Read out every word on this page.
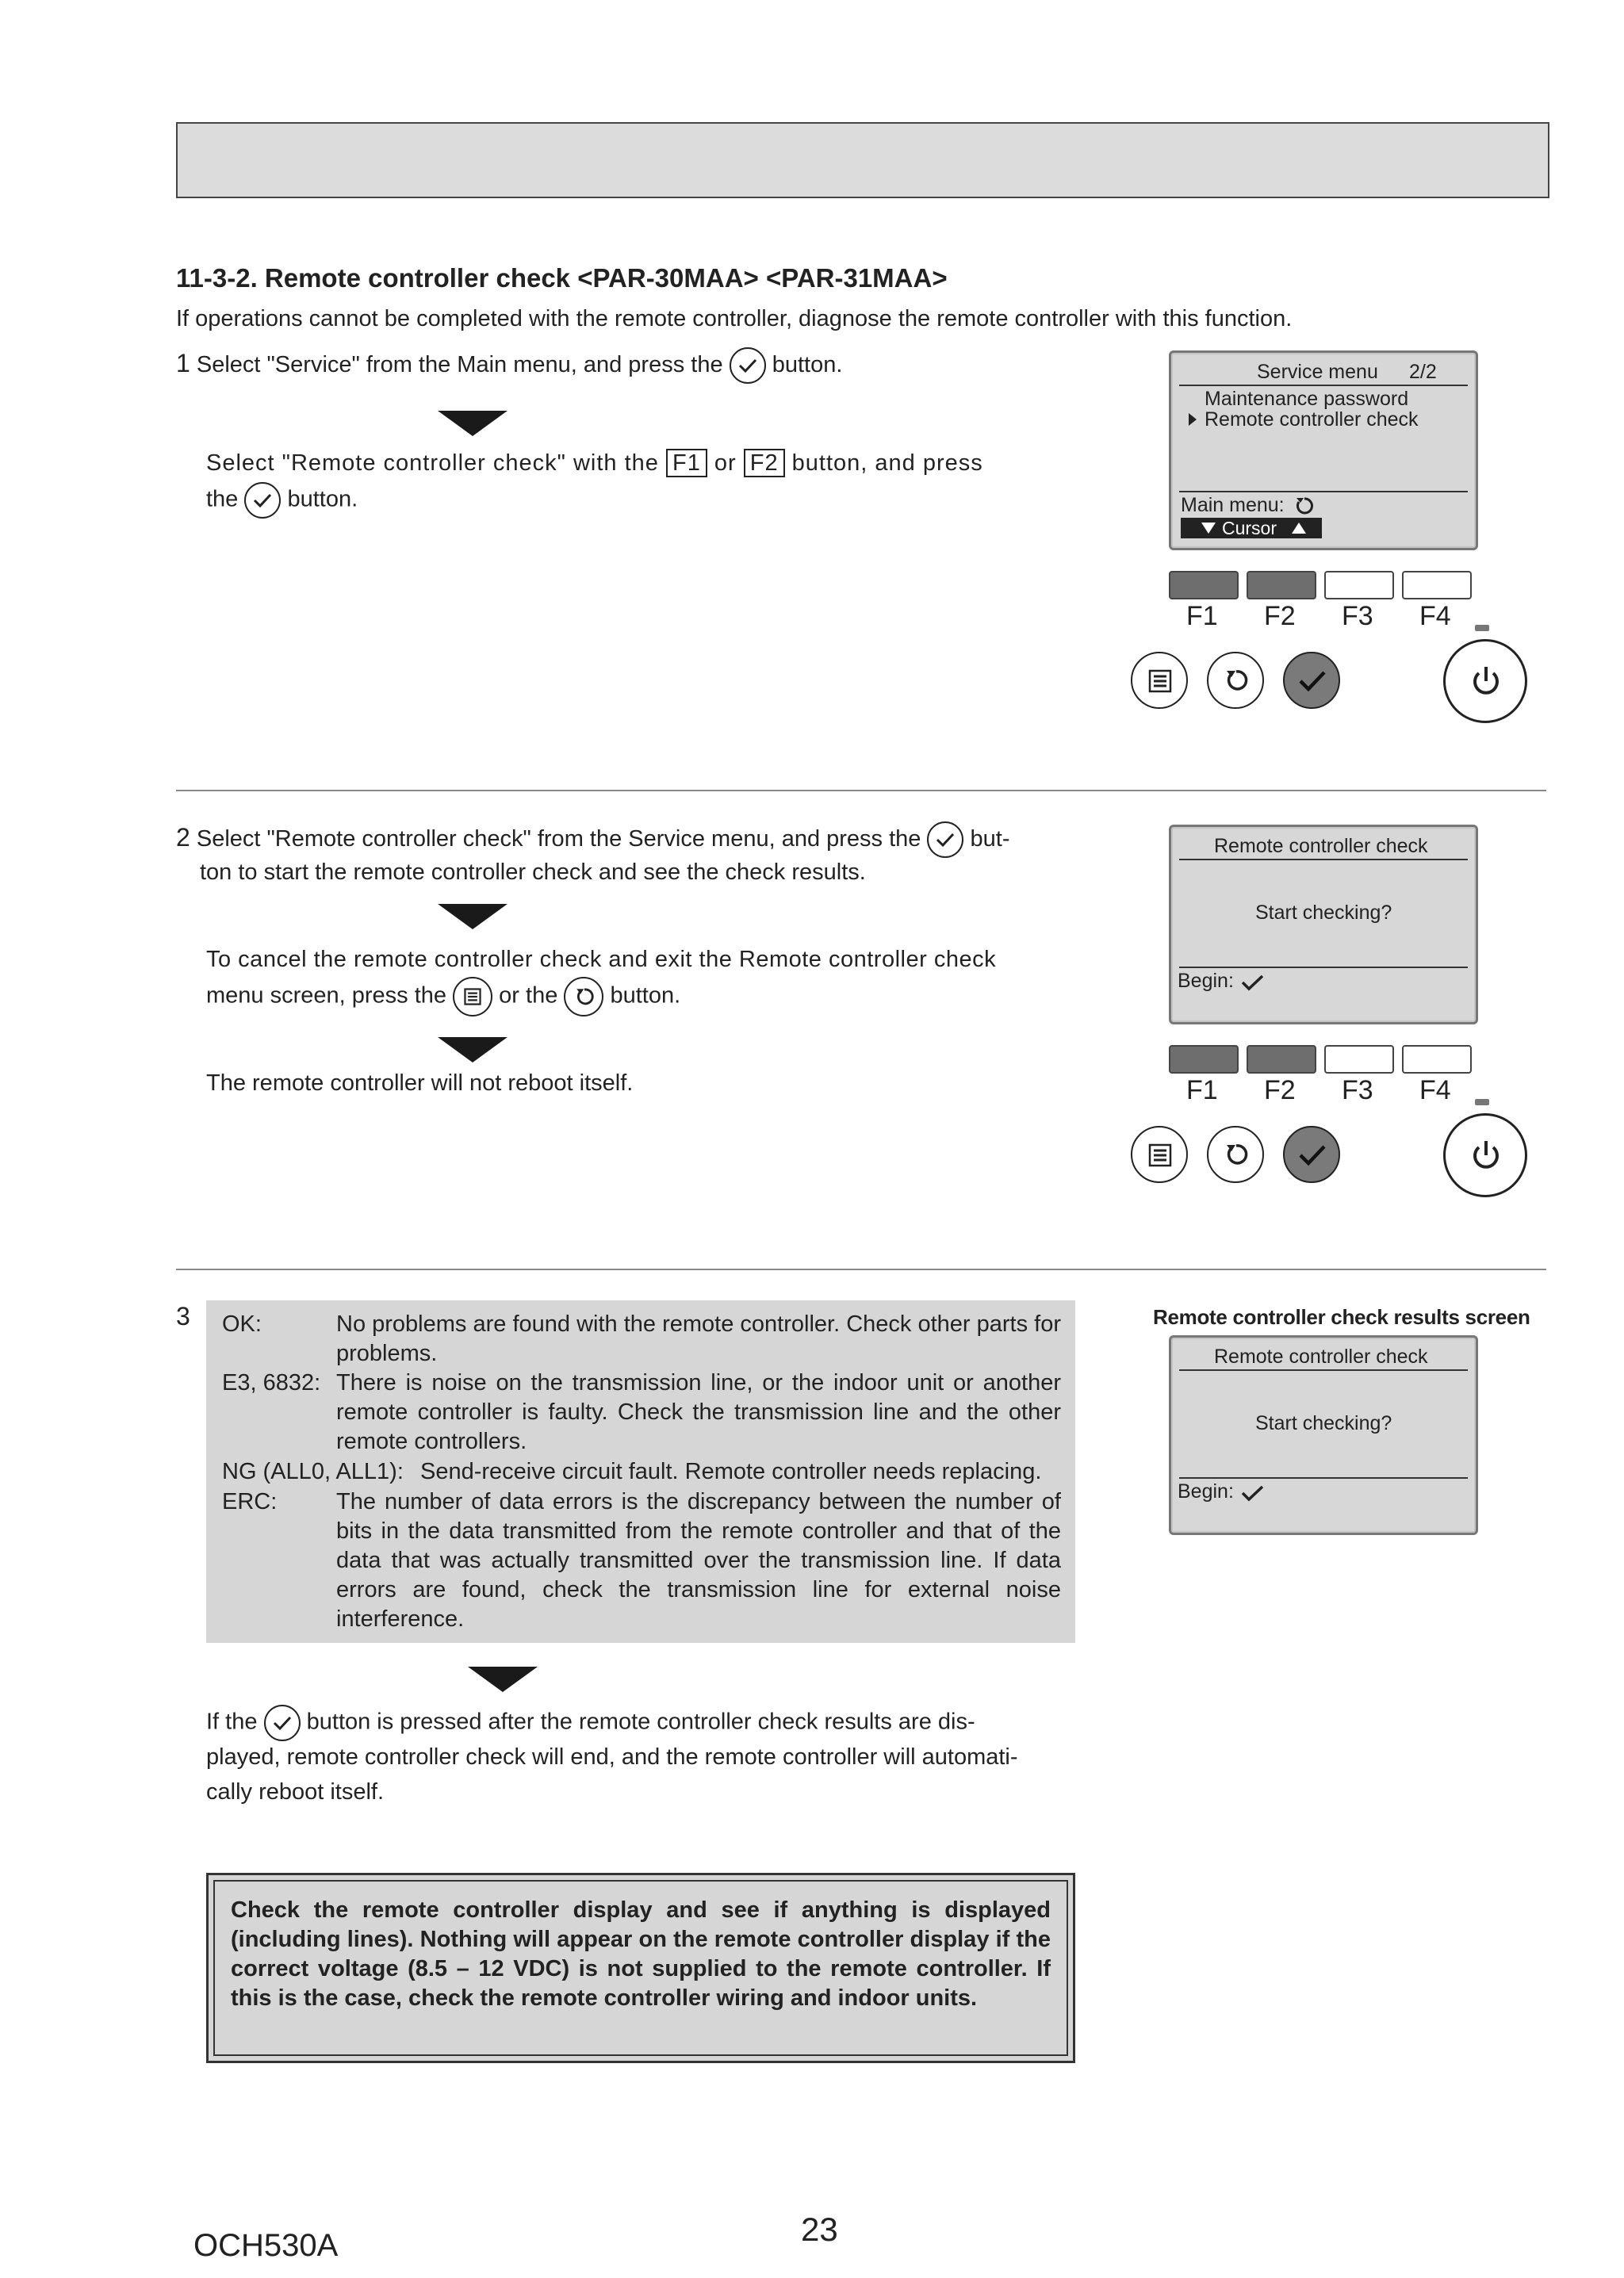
11-3-2. Remote controller check <PAR-30MAA> <PAR-31MAA>
If operations cannot be completed with the remote controller, diagnose the remote controller with this function.
1 Select "Service" from the Main menu, and press the button.
Select "Remote controller check" with the F1 or F2 button, and press
the button.
Service menu 2/2
Maintenance password
Remote controller check
Main menu:
Cursor
F1 F2 F3 F4
2 Select "Remote controller check" from the Service menu, and press the but-
ton to start the remote controller check and see the check results.
To cancel the remote controller check and exit the Remote controller check
menu screen, press the or the button.
The remote controller will not reboot itself.
Remote controller check
Start checking?
Begin:
F1 F2 F3 F4
3 OK:	No problems are found with the remote controller. Check other parts for problems.
E3, 6832: There is noise on the transmission line, or the indoor unit or another remote controller is faulty. Check the transmission line and the other remote controllers.
NG (ALL0, ALL1): Send-receive circuit fault. Remote controller needs replacing.
ERC:	The number of data errors is the discrepancy between the number of bits in the data transmitted from the remote controller and that of the data that was actually transmitted over the transmission line. If data errors are found, check the transmission line for external noise interference.
If the button is pressed after the remote controller check results are dis-
played, remote controller check will end, and the remote controller will automati-
cally reboot itself.
Remote controller check results screen
Remote controller check
Start checking?
Begin:
Check the remote controller display and see if anything is displayed (including lines). Nothing will appear on the remote controller display if the correct voltage (8.5 – 12 VDC) is not supplied to the remote controller. If this is the case, check the remote controller wiring and indoor units.
OCH530A	23
